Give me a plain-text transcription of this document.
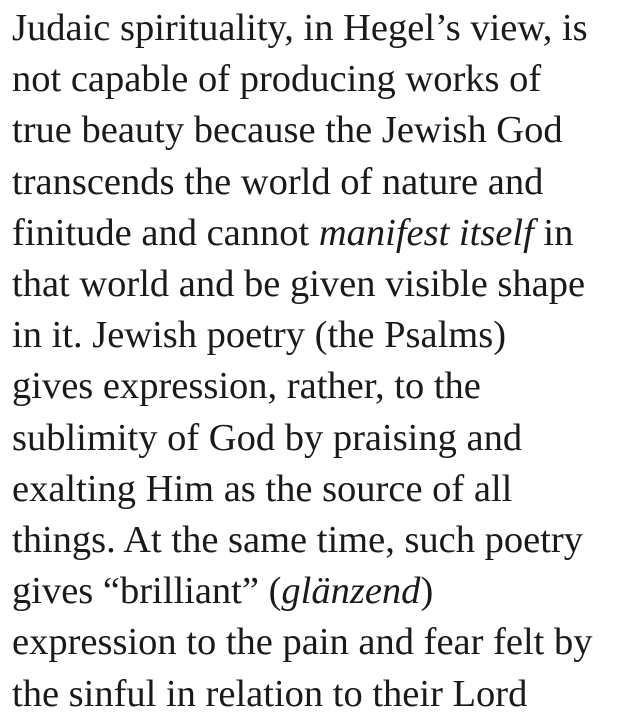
Judaic spirituality, in Hegel’s view, is
not capable of producing works of
true beauty because the Jewish God
transcends the world of nature and
finitude and cannot manifest itself in
that world and be given visible shape
in it. Jewish poetry (the Psalms)
gives expression, rather, to the
sublimity of God by praising and
exalting Him as the source of all
things. At the same time, such poetry
gives “brilliant” (glänzend)
expression to the pain and fear felt by
the sinful in relation to their Lord
